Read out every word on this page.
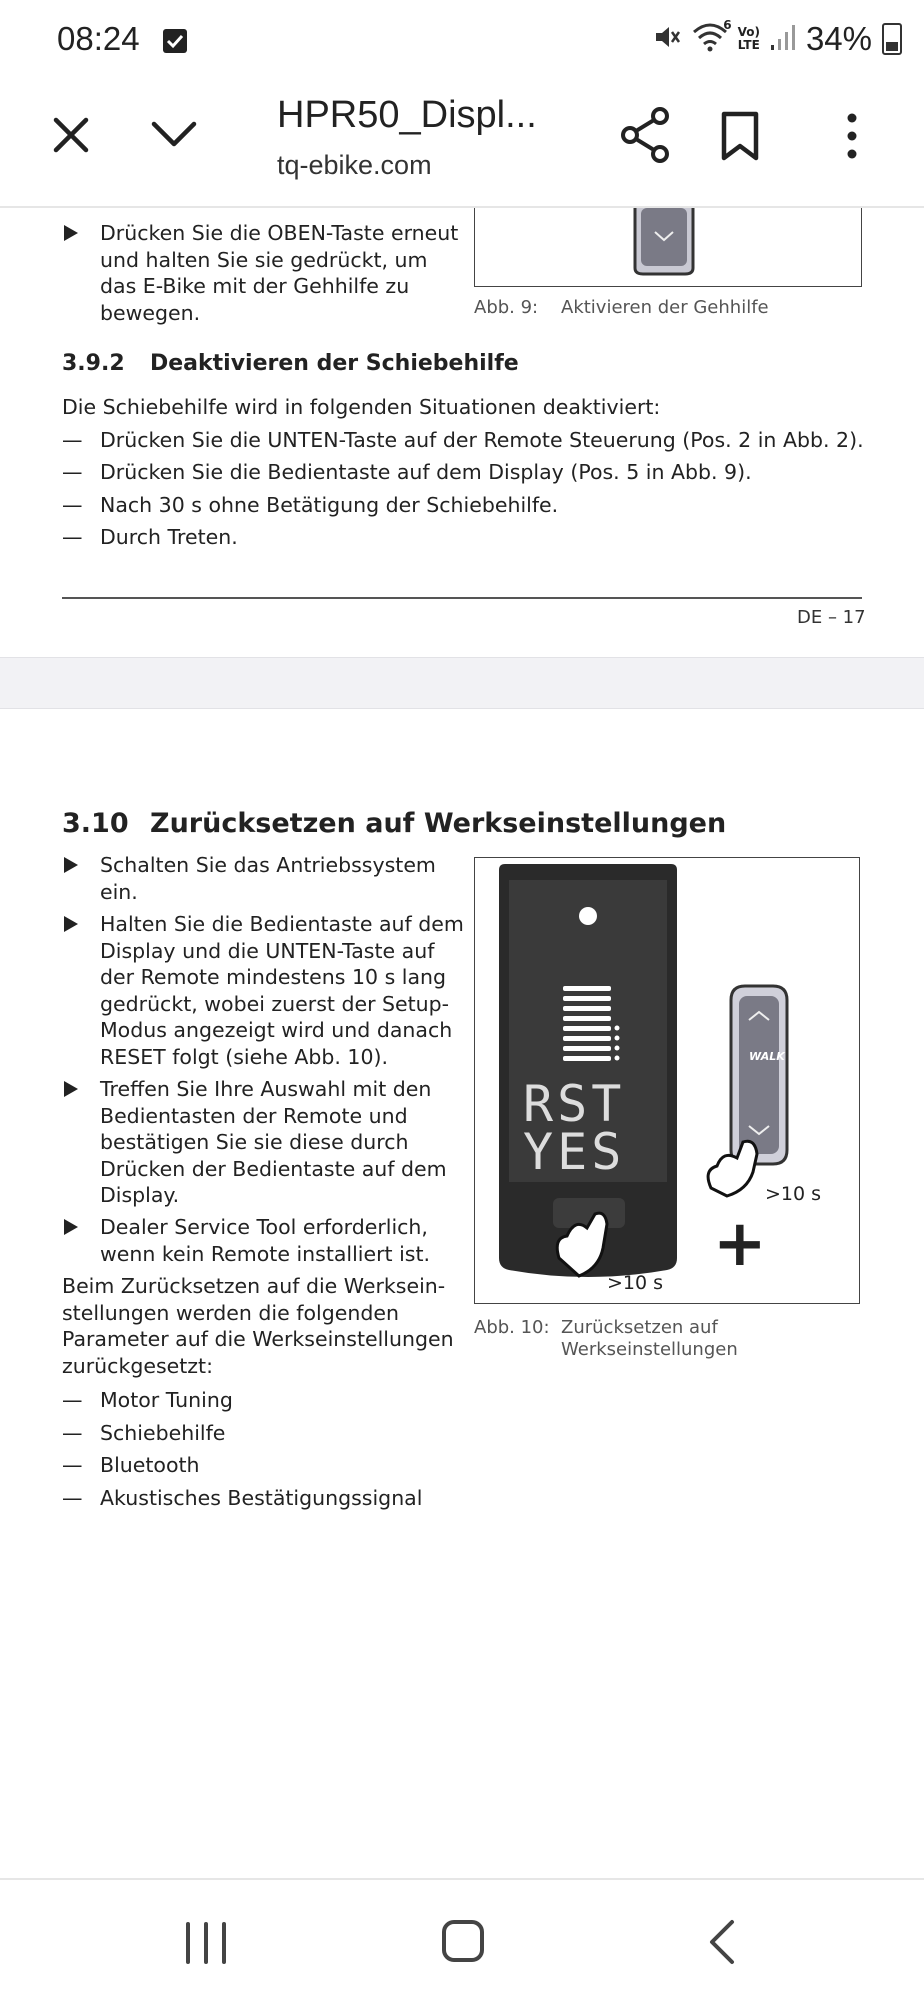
08:24	6 Vo)
LTE 34%
HPR50_Displ...
tq-ebike.com
Drücken Sie die OBEN-Taste erneut
und halten Sie sie gedrückt, um
das E-Bike mit der Gehhilfe zu
bewegen.	Abb. 9: Aktivieren der Gehhilfe
3.9.2 Deaktivieren der Schiebehilfe
Die Schiebehilfe wird in folgenden Situationen deaktiviert:
— Drücken Sie die UNTEN-Taste auf der Remote Steuerung (Pos. 2 in Abb. 2).
— Drücken Sie die Bedientaste auf dem Display (Pos. 5 in Abb. 9).
— Nach 30 s ohne Betätigung der Schiebehilfe.
— Durch Treten.
DE – 17
3.10 Zurücksetzen auf Werkseinstellungen
Schalten Sie das Antriebssystem
ein.
Halten Sie die Bedientaste auf dem
Display und die UNTEN-Taste auf
der Remote mindestens 10 s lang
gedrückt, wobei zuerst der Setup-
Modus angezeigt wird und danach
RESET folgt (siehe Abb. 10).
Treffen Sie Ihre Auswahl mit den
Bedientasten der Remote und
bestätigen Sie sie diese durch
Drücken der Bedientaste auf dem
Display.
Dealer Service Tool erforderlich,
wenn kein Remote installiert ist.
Beim Zurücksetzen auf die Werksein-
stellungen werden die folgenden
Parameter auf die Werkseinstellungen
zurückgesetzt:
— Motor Tuning
— Schiebehilfe
— Bluetooth
— Akustisches Bestätigungssignal
RST
YES
WALK
>10 s
>10 s
+
Abb. 10: Zurücksetzen auf
Werkseinstellungen
